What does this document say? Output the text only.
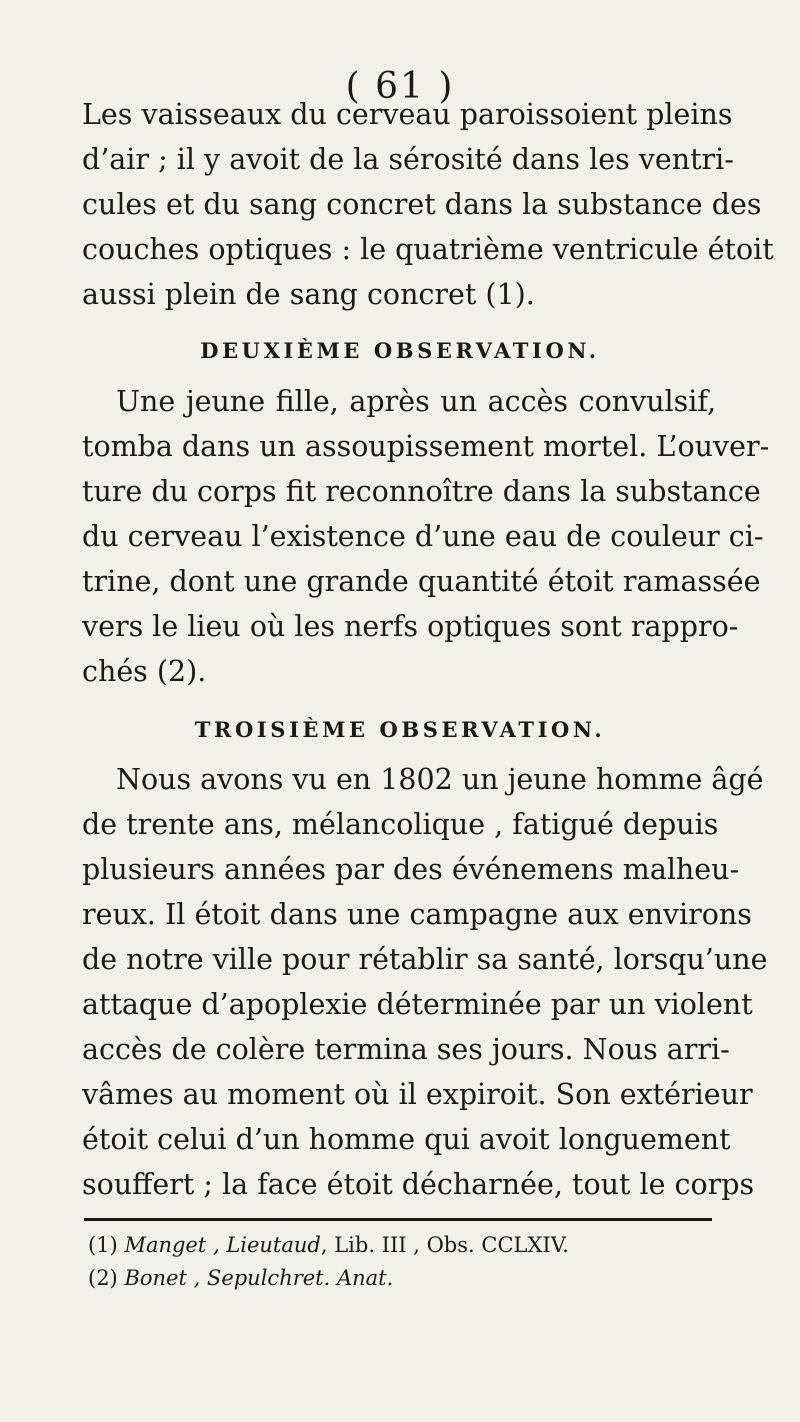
( 61 )
Les vaisseaux du cerveau paroissoient pleins
d’air ; il y avoit de la sérosité dans les ventri-
cules et du sang concret dans la substance des
couches optiques : le quatrième ventricule étoit
aussi plein de sang concret (1).
DEUXIÈME OBSERVATION.
Une jeune fille, après un accès convulsif,
tomba dans un assoupissement mortel. L’ouver-
ture du corps fit reconnoître dans la substance
du cerveau l’existence d’une eau de couleur ci-
trine, dont une grande quantité étoit ramassée
vers le lieu où les nerfs optiques sont rappro-
chés (2).
TROISIÈME OBSERVATION.
Nous avons vu en 1802 un jeune homme âgé
de trente ans, mélancolique , fatigué depuis
plusieurs années par des événemens malheu-
reux. Il étoit dans une campagne aux environs
de notre ville pour rétablir sa santé, lorsqu’une
attaque d’apoplexie déterminée par un violent
accès de colère termina ses jours. Nous arri-
vâmes au moment où il expiroit. Son extérieur
étoit celui d’un homme qui avoit longuement
souffert ; la face étoit décharnée, tout le corps
(1) Manget , Lieutaud, Lib. III , Obs. CCLXIV.
(2) Bonet , Sepulchret. Anat.
